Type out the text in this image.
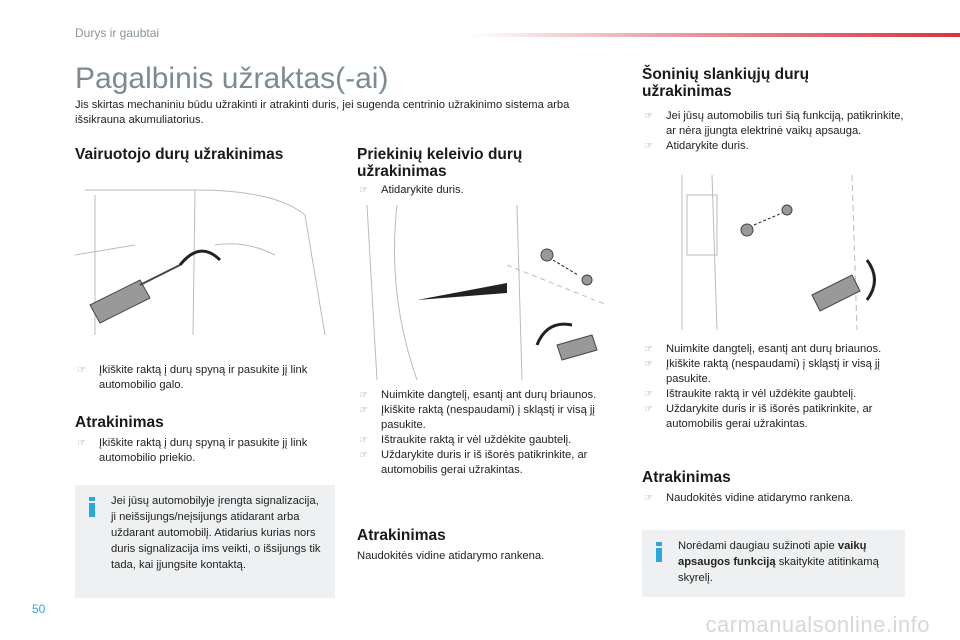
Durys ir gaubtai
Pagalbinis užraktas(-ai)
Jis skirtas mechaniniu būdu užrakinti ir atrakinti duris, jei sugenda centrinio užrakinimo sistema arba išsikrauna akumuliatorius.
Vairuotojo durų užrakinimas
☞ Įkiškite raktą į durų spyną ir pasukite jį link automobilio galo.
Atrakinimas
☞ Įkiškite raktą į durų spyną ir pasukite jį link automobilio priekio.
Jei jūsų automobilyje įrengta signalizacija, ji neišsijungs/neįsijungs atidarant arba uždarant automobilį. Atidarius kurias nors duris signalizacija ims veikti, o išsijungs tik tada, kai įjungsite kontaktą.
Priekinių keleivio durų užrakinimas
☞ Atidarykite duris.
☞ Nuimkite dangtelį, esantį ant durų briaunos.
☞ Įkiškite raktą (nespaudami) į skląstį ir visą jį pasukite.
☞ Ištraukite raktą ir vėl uždėkite gaubtelį.
☞ Uždarykite duris ir iš išorės patikrinkite, ar automobilis gerai užrakintas.
Atrakinimas
Naudokitės vidine atidarymo rankena.
Šoninių slankiųjų durų užrakinimas
☞ Jei jūsų automobilis turi šią funkciją, patikrinkite, ar nėra įjungta elektrinė vaikų apsauga.
☞ Atidarykite duris.
☞ Nuimkite dangtelį, esantį ant durų briaunos.
☞ Įkiškite raktą (nespaudami) į skląstį ir visą jį pasukite.
☞ Ištraukite raktą ir vėl uždėkite gaubtelį.
☞ Uždarykite duris ir iš išorės patikrinkite, ar automobilis gerai užrakintas.
Atrakinimas
☞ Naudokitės vidine atidarymo rankena.
Norėdami daugiau sužinoti apie vaikų apsaugos funkciją skaitykite atitinkamą skyrelį.
50
carmanualsonline.info
